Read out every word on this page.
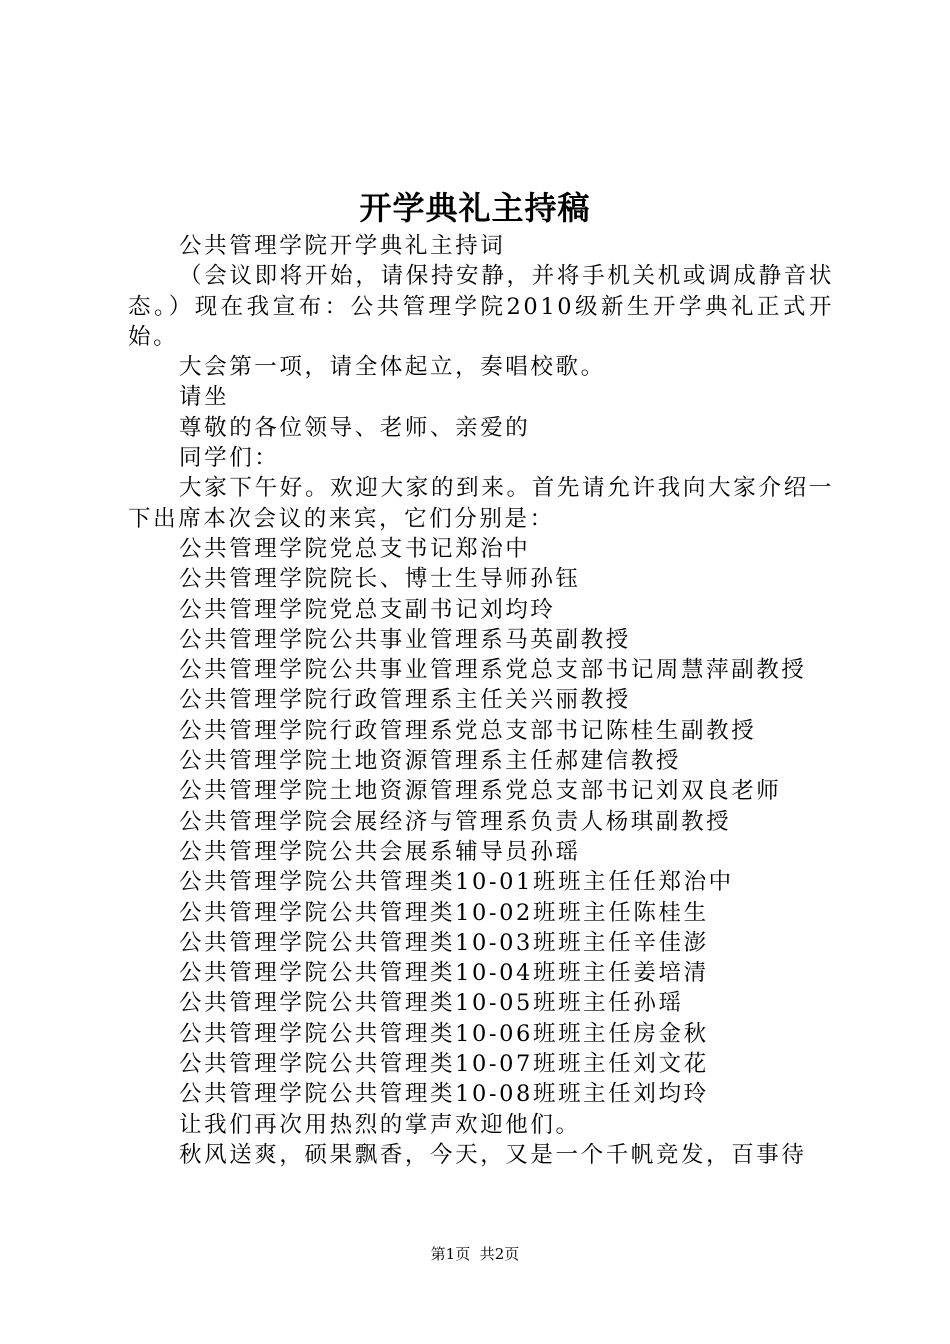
开学典礼主持稿

公共管理学院开学典礼主持词

（会议即将开始，请保持安静，并将手机关机或调成静音状态。）现在我宣布：公共管理学院2010级新生开学典礼正式开始。

大会第一项，请全体起立，奏唱校歌。

请坐

尊敬的各位领导、老师、亲爱的

同学们：

大家下午好。欢迎大家的到来。首先请允许我向大家介绍一下出席本次会议的来宾，它们分别是：

公共管理学院党总支书记郑治中

公共管理学院院长、博士生导师孙钰

公共管理学院党总支副书记刘均玲

公共管理学院公共事业管理系马英副教授

公共管理学院公共事业管理系党总支部书记周慧萍副教授

公共管理学院行政管理系主任关兴丽教授

公共管理学院行政管理系党总支部书记陈桂生副教授

公共管理学院土地资源管理系主任郝建信教授

公共管理学院土地资源管理系党总支部书记刘双良老师

公共管理学院会展经济与管理系负责人杨琪副教授

公共管理学院公共会展系辅导员孙瑶

公共管理学院公共管理类10-01班班主任任郑治中

公共管理学院公共管理类10-02班班主任陈桂生

公共管理学院公共管理类10-03班班主任辛佳澎

公共管理学院公共管理类10-04班班主任姜培清

公共管理学院公共管理类10-05班班主任孙瑶

公共管理学院公共管理类10-06班班主任房金秋

公共管理学院公共管理类10-07班班主任刘文花

公共管理学院公共管理类10-08班班主任刘均玲

让我们再次用热烈的掌声欢迎他们。

秋风送爽，硕果飘香，今天，又是一个千帆竞发，百事待

第1页 共2页
